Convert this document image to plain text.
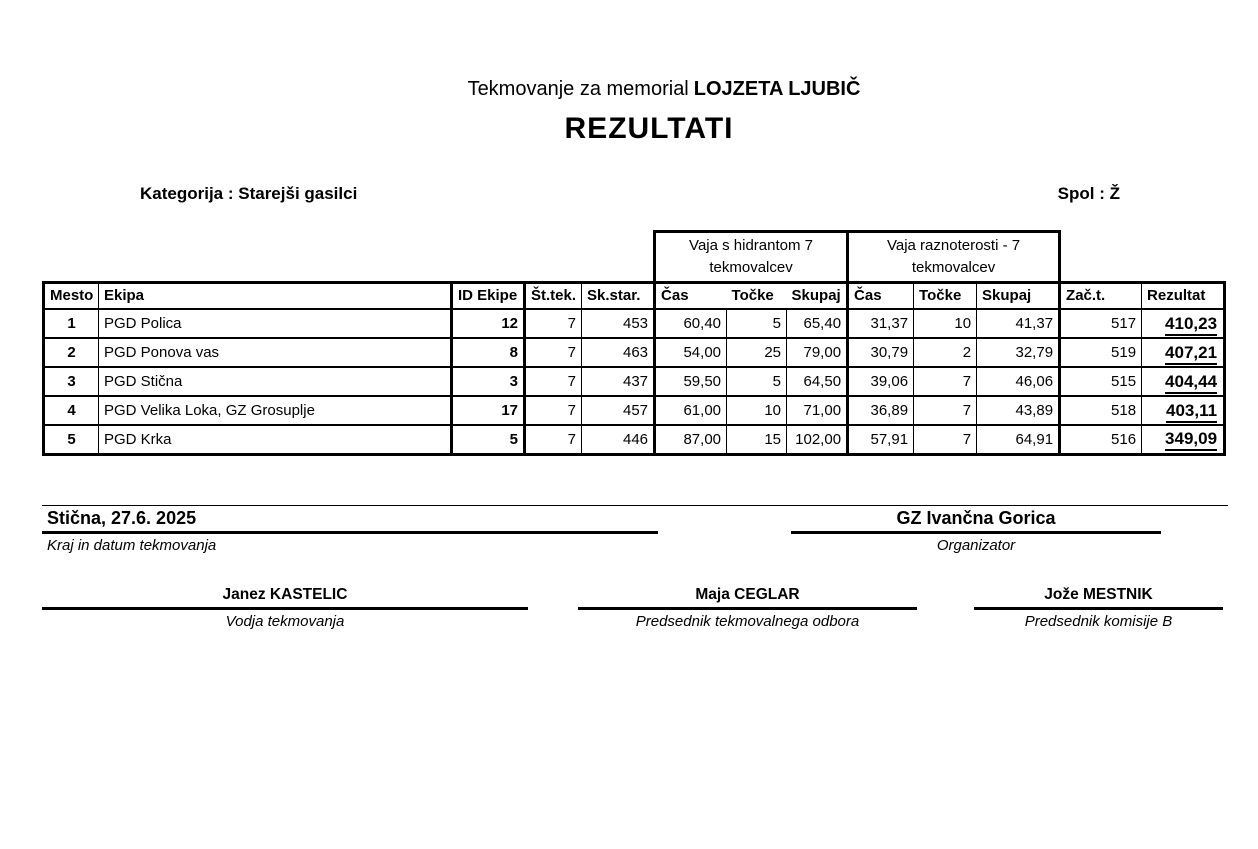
Tekmovanje za memorial LOJZETA LJUBIČ
REZULTATI
Kategorija : Starejši gasilci	Spol : Ž
					Vaja s hidrantom 7 tekmovalcev			Vaja raznoterosti - 7 tekmovalcev				
Mesto	Ekipa	ID Ekipe	Št.tek.	Sk.star.	Čas	Točke	Skupaj	Čas	Točke	Skupaj	Zač.t.	Rezultat
1	PGD Polica	12	7	453	60,40	5	65,40	31,37	10	41,37	517	410,23
2	PGD Ponova vas	8	7	463	54,00	25	79,00	30,79	2	32,79	519	407,21
3	PGD Stična	3	7	437	59,50	5	64,50	39,06	7	46,06	515	404,44
4	PGD Velika Loka, GZ Grosuplje	17	7	457	61,00	10	71,00	36,89	7	43,89	518	403,11
5	PGD Krka	5	7	446	87,00	15	102,00	57,91	7	64,91	516	349,09
Stična, 27.6. 2025
Kraj in datum tekmovanja
GZ Ivančna Gorica
Organizator
Janez KASTELIC
Vodja tekmovanja
Maja CEGLAR
Predsednik tekmovalnega odbora
Jože MESTNIK
Predsednik komisije B
